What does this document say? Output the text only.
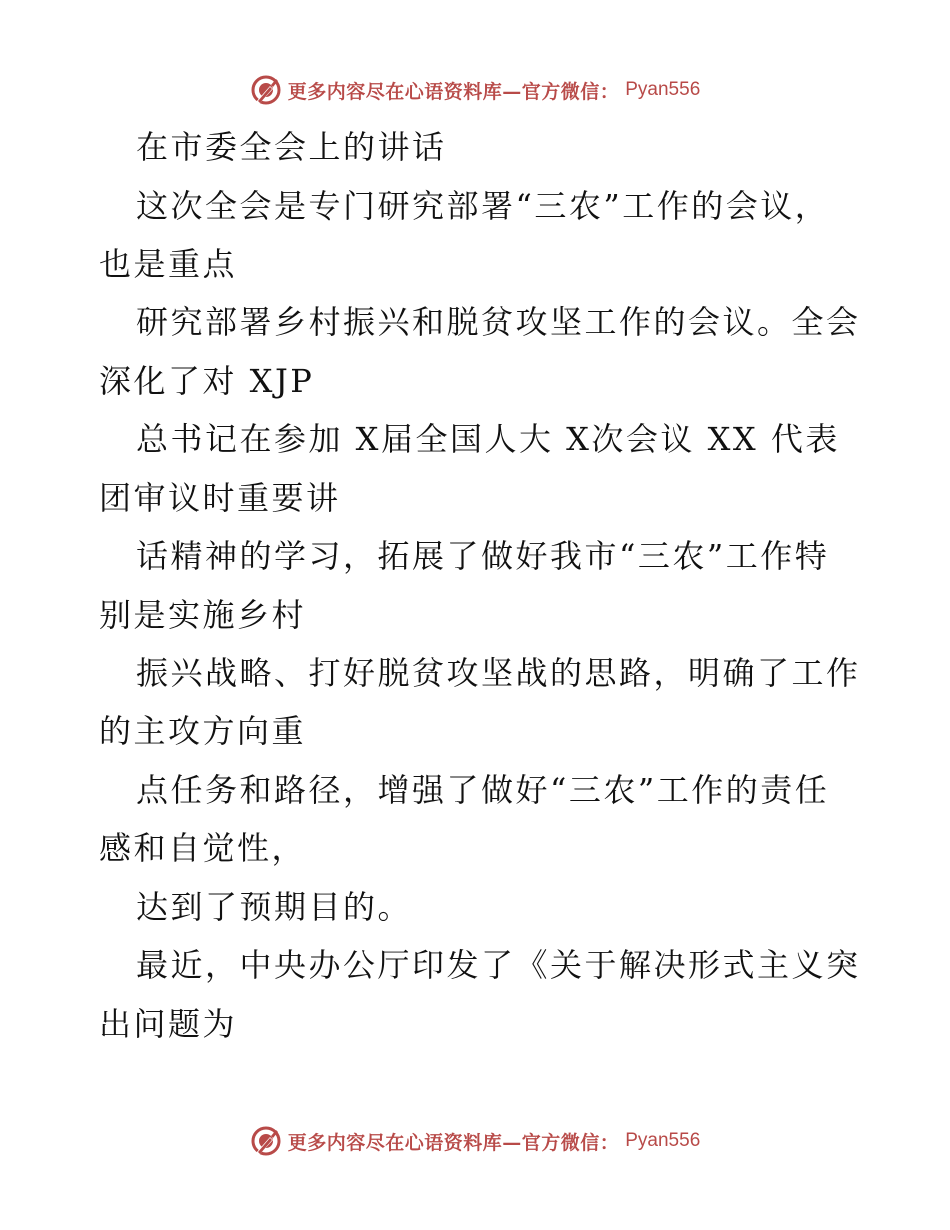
更多内容尽在心语资料库—官方微信： Pyan556
在市委全会上的讲话
这次全会是专门研究部署“三农”工作的会议，
也是重点
研究部署乡村振兴和脱贫攻坚工作的会议。全会
深化了对 XJP
总书记在参加 X届全国人大 X次会议 XX 代表
团审议时重要讲
话精神的学习，拓展了做好我市“三农”工作特
别是实施乡村
振兴战略、打好脱贫攻坚战的思路，明确了工作
的主攻方向重
点任务和路径，增强了做好“三农”工作的责任
感和自觉性，
达到了预期目的。
最近，中央办公厅印发了《关于解决形式主义突
出问题为
更多内容尽在心语资料库—官方微信： Pyan556
